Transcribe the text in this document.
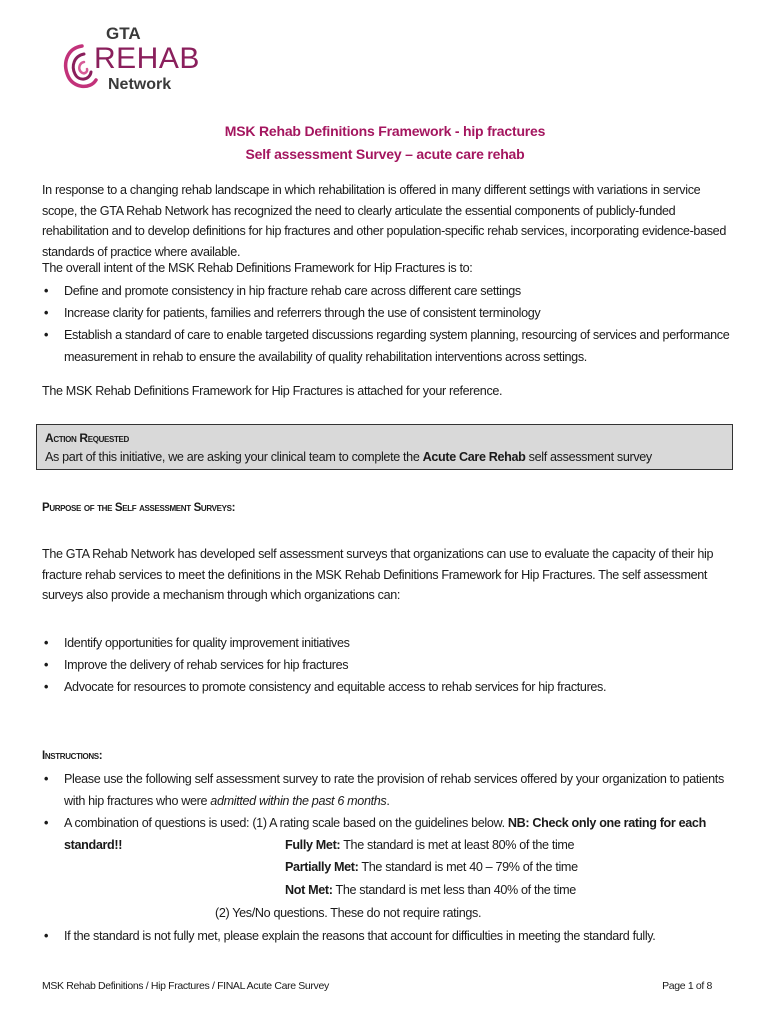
GTA
REHAB
Network
MSK Rehab Definitions Framework - hip fractures
Self assessment Survey – acute care rehab

In response to a changing rehab landscape in which rehabilitation is offered in many different settings with variations in service scope, the GTA Rehab Network has recognized the need to clearly articulate the essential components of publicly-funded rehabilitation and to develop definitions for hip fractures and other population-specific rehab services, incorporating evidence-based standards of practice where available.

The overall intent of the MSK Rehab Definitions Framework for Hip Fractures is to:

• Define and promote consistency in hip fracture rehab care across different care settings
• Increase clarity for patients, families and referrers through the use of consistent terminology
• Establish a standard of care to enable targeted discussions regarding system planning, resourcing of services and performance measurement in rehab to ensure the availability of quality rehabilitation interventions across settings.

The MSK Rehab Definitions Framework for Hip Fractures is attached for your reference.

Action Requested
As part of this initiative, we are asking your clinical team to complete the Acute Care Rehab self assessment survey
Purpose of the Self assessment Surveys:

The GTA Rehab Network has developed self assessment surveys that organizations can use to evaluate the capacity of their hip fracture rehab services to meet the definitions in the MSK Rehab Definitions Framework for Hip Fractures. The self assessment surveys also provide a mechanism through which organizations can:

• Identify opportunities for quality improvement initiatives
• Improve the delivery of rehab services for hip fractures
• Advocate for resources to promote consistency and equitable access to rehab services for hip fractures.
Instructions:
• Please use the following self assessment survey to rate the provision of rehab services offered by your organization to patients with hip fractures who were admitted within the past 6 months.
• A combination of questions is used: (1) A rating scale based on the guidelines below. NB: Check only one rating for each standard!!	Fully Met: The standard is met at least 80% of the time
Partially Met: The standard is met 40 – 79% of the time
Not Met: The standard is met less than 40% of the time
(2) Yes/No questions. These do not require ratings.
• If the standard is not fully met, please explain the reasons that account for difficulties in meeting the standard fully.
MSK Rehab Definitions / Hip Fractures / FINAL Acute Care Survey	Page 1 of 8
